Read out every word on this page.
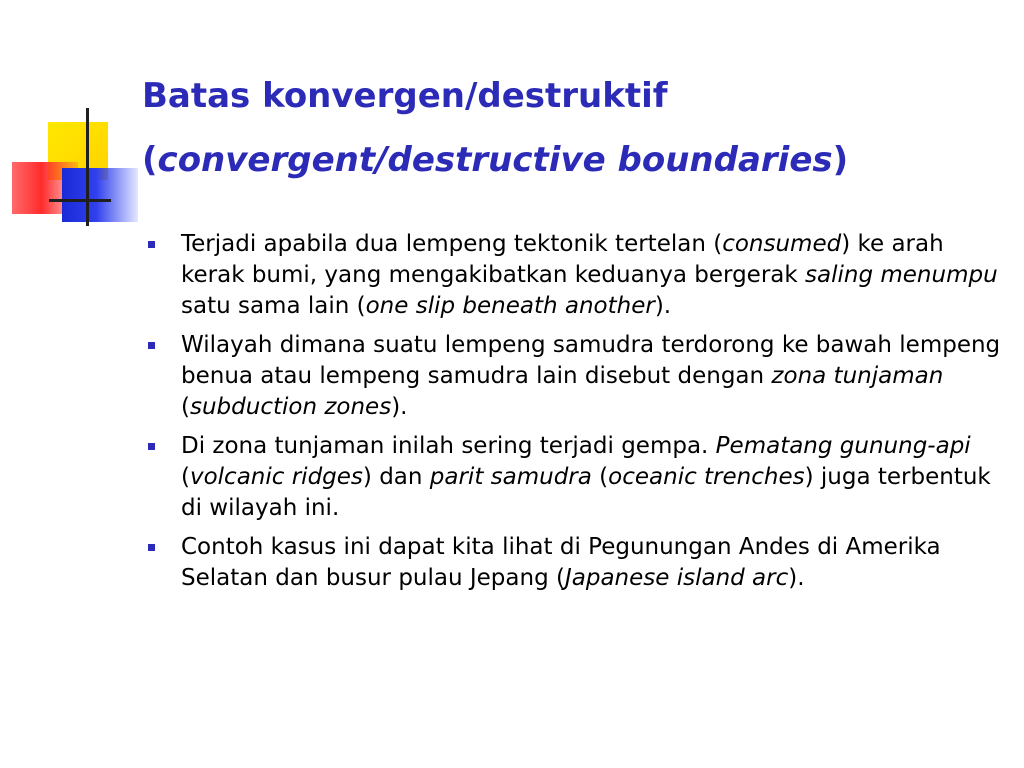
Batas konvergen/destruktif
(convergent/destructive boundaries)
Terjadi apabila dua lempeng tektonik tertelan (consumed) ke arah kerak bumi, yang mengakibatkan keduanya bergerak saling menumpu satu sama lain (one slip beneath another).
Wilayah dimana suatu lempeng samudra terdorong ke bawah lempeng benua atau lempeng samudra lain disebut dengan zona tunjaman (subduction zones).
Di zona tunjaman inilah sering terjadi gempa. Pematang gunung-api (volcanic ridges) dan parit samudra (oceanic trenches) juga terbentuk di wilayah ini.
Contoh kasus ini dapat kita lihat di Pegunungan Andes di Amerika Selatan dan busur pulau Jepang (Japanese island arc).
